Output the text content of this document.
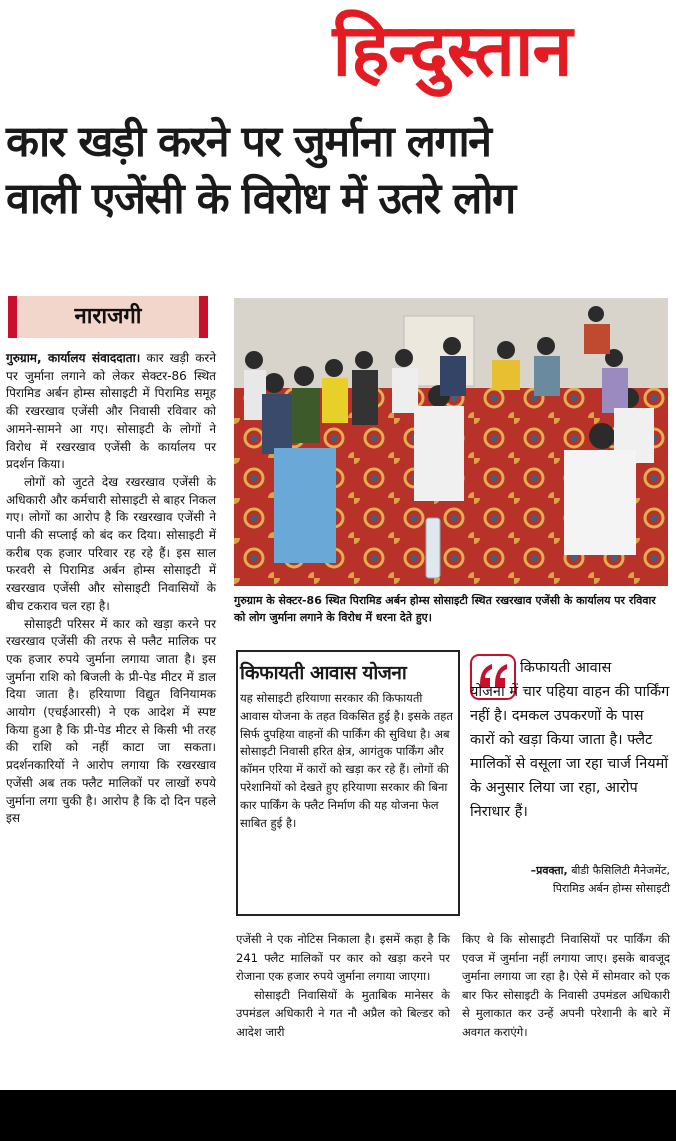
हिन्दुस्तान
कार खड़ी करने पर जुर्माना लगाने
वाली एजेंसी के विरोध में उतरे लोग
नाराजगी

गुरुग्राम, कार्यालय संवाददाता। कार खड़ी करने पर जुर्माना लगाने को लेकर सेक्टर-86 स्थित पिरामिड अर्बन होम्स सोसाइटी में पिरामिड समूह की रखरखाव एजेंसी और निवासी रविवार को आमने-सामने आ गए। सोसाइटी के लोगों ने विरोध में रखरखाव एजेंसी के कार्यालय पर प्रदर्शन किया।

लोगों को जुटते देख रखरखाव एजेंसी के अधिकारी और कर्मचारी सोसाइटी से बाहर निकल गए। लोगों का आरोप है कि रखरखाव एजेंसी ने पानी की सप्लाई को बंद कर दिया। सोसाइटी में करीब एक हजार परिवार रह रहे हैं। इस साल फरवरी से पिरामिड अर्बन होम्स सोसाइटी में रखरखाव एजेंसी और सोसाइटी निवासियों के बीच टकराव चल रहा है।

सोसाइटी परिसर में कार को खड़ा करने पर रखरखाव एजेंसी की तरफ से फ्लैट मालिक पर एक हजार रुपये जुर्माना लगाया जाता है। इस जुर्माना राशि को बिजली के प्री-पेड मीटर में डाल दिया जाता है। हरियाणा विद्युत विनियामक आयोग (एचईआरसी) ने एक आदेश में स्पष्ट किया हुआ है कि प्री-पेड मीटर से किसी भी तरह की राशि को नहीं काटा जा सकता। प्रदर्शनकारियों ने आरोप लगाया कि रखरखाव एजेंसी अब तक फ्लैट मालिकों पर लाखों रुपये जुर्माना लगा चुकी है। आरोप है कि दो दिन पहले इस

गुरुग्राम के सेक्टर-86 स्थित पिरामिड अर्बन होम्स सोसाइटी स्थित रखरखाव एजेंसी के कार्यालय पर रविवार को लोग जुर्माना लगाने के विरोध में धरना देते हुए।
किफायती आवास योजना
यह सोसाइटी हरियाणा सरकार की किफायती आवास योजना के तहत विकसित हुई है। इसके तहत सिर्फ दुपहिया वाहनों की पार्किंग की सुविधा है। अब सोसाइटी निवासी हरित क्षेत्र, आगंतुक पार्किंग और कॉमन एरिया में कारों को खड़ा कर रहे हैं। लोगों की परेशानियों को देखते हुए हरियाणा सरकार की बिना कार पार्किंग के फ्लैट निर्माण की यह योजना फेल साबित हुई है।
किफायती आवास
योजना में चार पहिया वाहन की पार्किंग नहीं है। दमकल उपकरणों के पास कारों को खड़ा किया जाता है। फ्लैट मालिकों से वसूला जा रहा चार्ज नियमों के अनुसार लिया जा रहा, आरोप निराधार हैं।
–प्रवक्ता, बीडी फैसिलिटी मैनेजमेंट,
पिरामिड अर्बन होम्स सोसाइटी

एजेंसी ने एक नोटिस निकाला है। इसमें कहा है कि 241 फ्लैट मालिकों पर कार को खड़ा करने पर रोजाना एक हजार रुपये जुर्माना लगाया जाएगा।

सोसाइटी निवासियों के मुताबिक मानेसर के उपमंडल अधिकारी ने गत नौ अप्रैल को बिल्डर को आदेश जारी

किए थे कि सोसाइटी निवासियों पर पार्किंग की एवज में जुर्माना नहीं लगाया जाए। इसके बावजूद जुर्माना लगाया जा रहा है। ऐसे में सोमवार को एक बार फिर सोसाइटी के निवासी उपमंडल अधिकारी से मुलाकात कर उन्हें अपनी परेशानी के बारे में अवगत कराएंगे।
